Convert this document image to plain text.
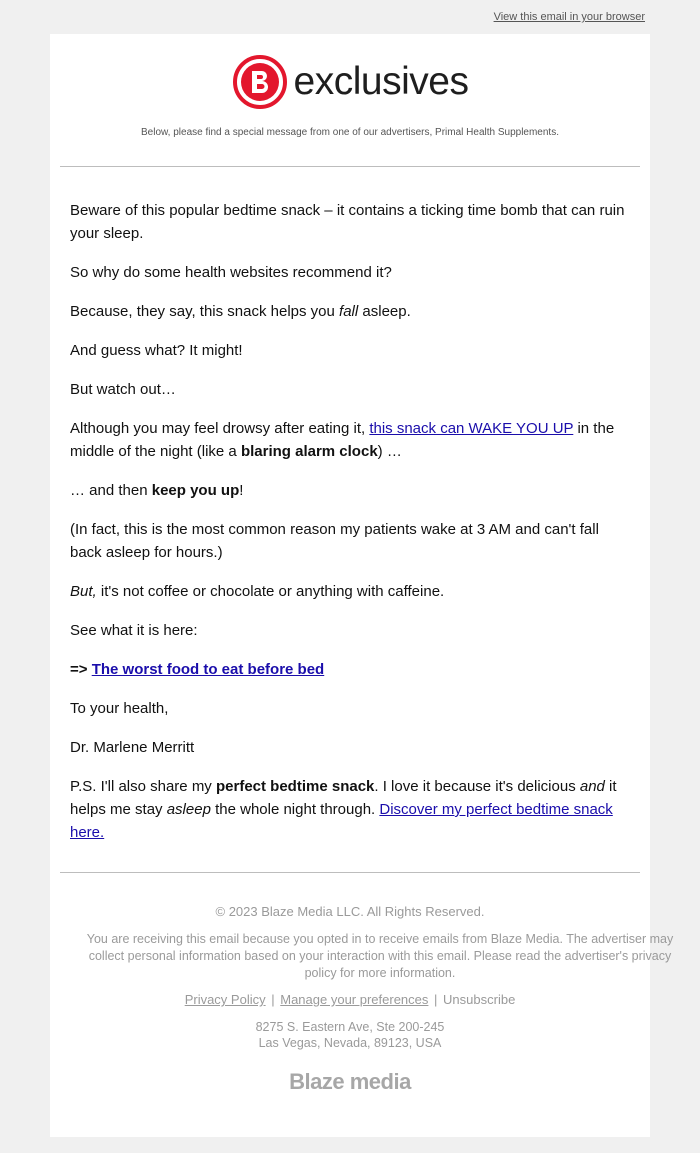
View this email in your browser
exclusives
Below, please find a special message from one of our advertisers, Primal Health Supplements.

Beware of this popular bedtime snack – it contains a ticking time bomb that can ruin your sleep.

So why do some health websites recommend it?

Because, they say, this snack helps you fall asleep.

And guess what? It might!

But watch out…

Although you may feel drowsy after eating it, this snack can WAKE YOU UP in the middle of the night (like a blaring alarm clock) …

… and then keep you up!

(In fact, this is the most common reason my patients wake at 3 AM and can't fall back asleep for hours.)

But, it's not coffee or chocolate or anything with caffeine.

See what it is here:

=> The worst food to eat before bed

To your health,

Dr. Marlene Merritt

P.S. I'll also share my perfect bedtime snack. I love it because it's delicious and it helps me stay asleep the whole night through. Discover my perfect bedtime snack here.

© 2023 Blaze Media LLC. All Rights Reserved.
You are receiving this email because you opted in to receive emails from Blaze Media. The advertiser may collect personal information based on your interaction with this email. Please read the advertiser's privacy policy for more information.
Privacy Policy | Manage your preferences | Unsubscribe
8275 S. Eastern Ave, Ste 200-245
Las Vegas, Nevada, 89123, USA
Blaze media
